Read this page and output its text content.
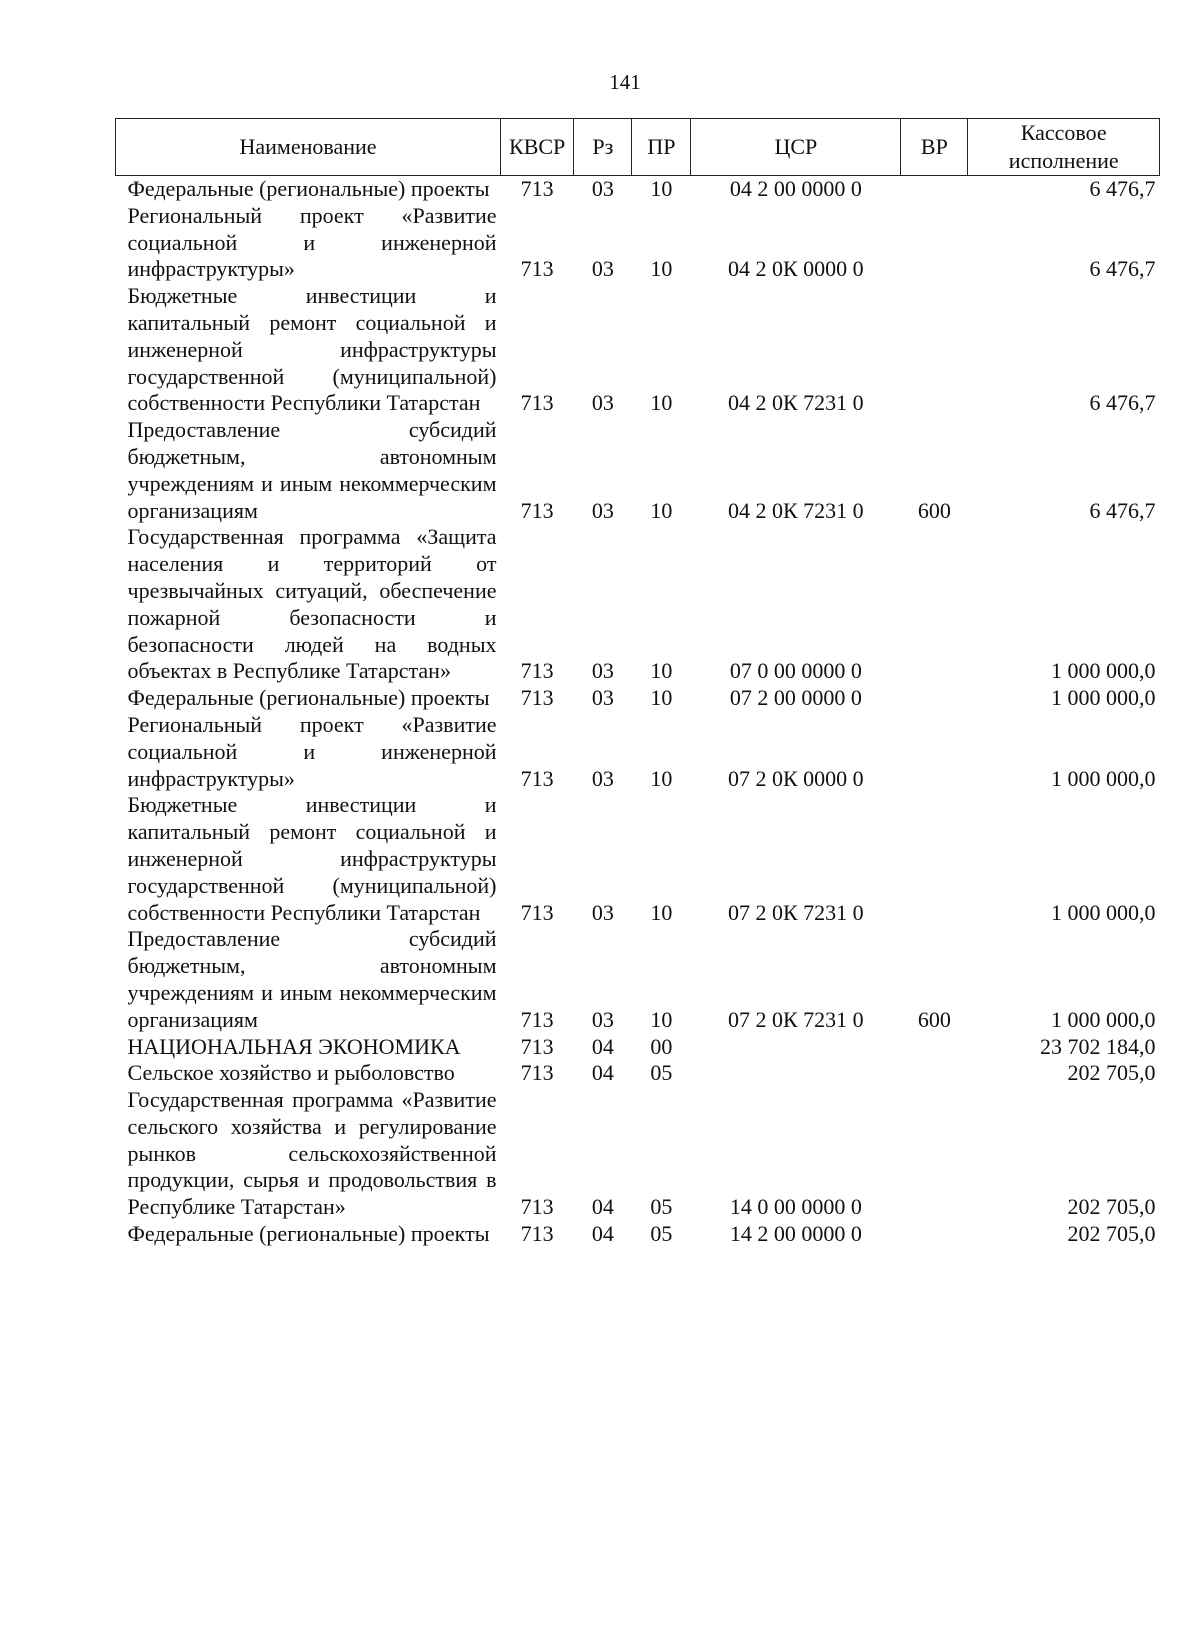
141
Наименование	КВСР	Рз	ПР	ЦСР	ВР	Кассовое исполнение
Федеральные (региональные) проекты	713	03	10	04 2 00 0000 0		6 476,7
Региональный проект «Развитие социальной и инженерной инфраструктуры»	713	03	10	04 2 0К 0000 0		6 476,7
Бюджетные инвестиции и капитальный ремонт социальной и инженерной инфраструктуры государственной (муниципальной) собственности Республики Татарстан	713	03	10	04 2 0К 7231 0		6 476,7
Предоставление субсидий бюджетным, автономным учреждениям и иным некоммерческим организациям	713	03	10	04 2 0К 7231 0	600	6 476,7
Государственная программа «Защита населения и территорий от чрезвычайных ситуаций, обеспечение пожарной безопасности и безопасности людей на водных объектах в Республике Татарстан»	713	03	10	07 0 00 0000 0		1 000 000,0
Федеральные (региональные) проекты	713	03	10	07 2 00 0000 0		1 000 000,0
Региональный проект «Развитие социальной и инженерной инфраструктуры»	713	03	10	07 2 0К 0000 0		1 000 000,0
Бюджетные инвестиции и капитальный ремонт социальной и инженерной инфраструктуры государственной (муниципальной) собственности Республики Татарстан	713	03	10	07 2 0К 7231 0		1 000 000,0
Предоставление субсидий бюджетным, автономным учреждениям и иным некоммерческим организациям	713	03	10	07 2 0К 7231 0	600	1 000 000,0
НАЦИОНАЛЬНАЯ ЭКОНОМИКА	713	04	00			23 702 184,0
Сельское хозяйство и рыболовство	713	04	05			202 705,0
Государственная программа «Развитие сельского хозяйства и регулирование рынков сельскохозяйственной продукции, сырья и продовольствия в Республике Татарстан»	713	04	05	14 0 00 0000 0		202 705,0
Федеральные (региональные) проекты	713	04	05	14 2 00 0000 0		202 705,0
